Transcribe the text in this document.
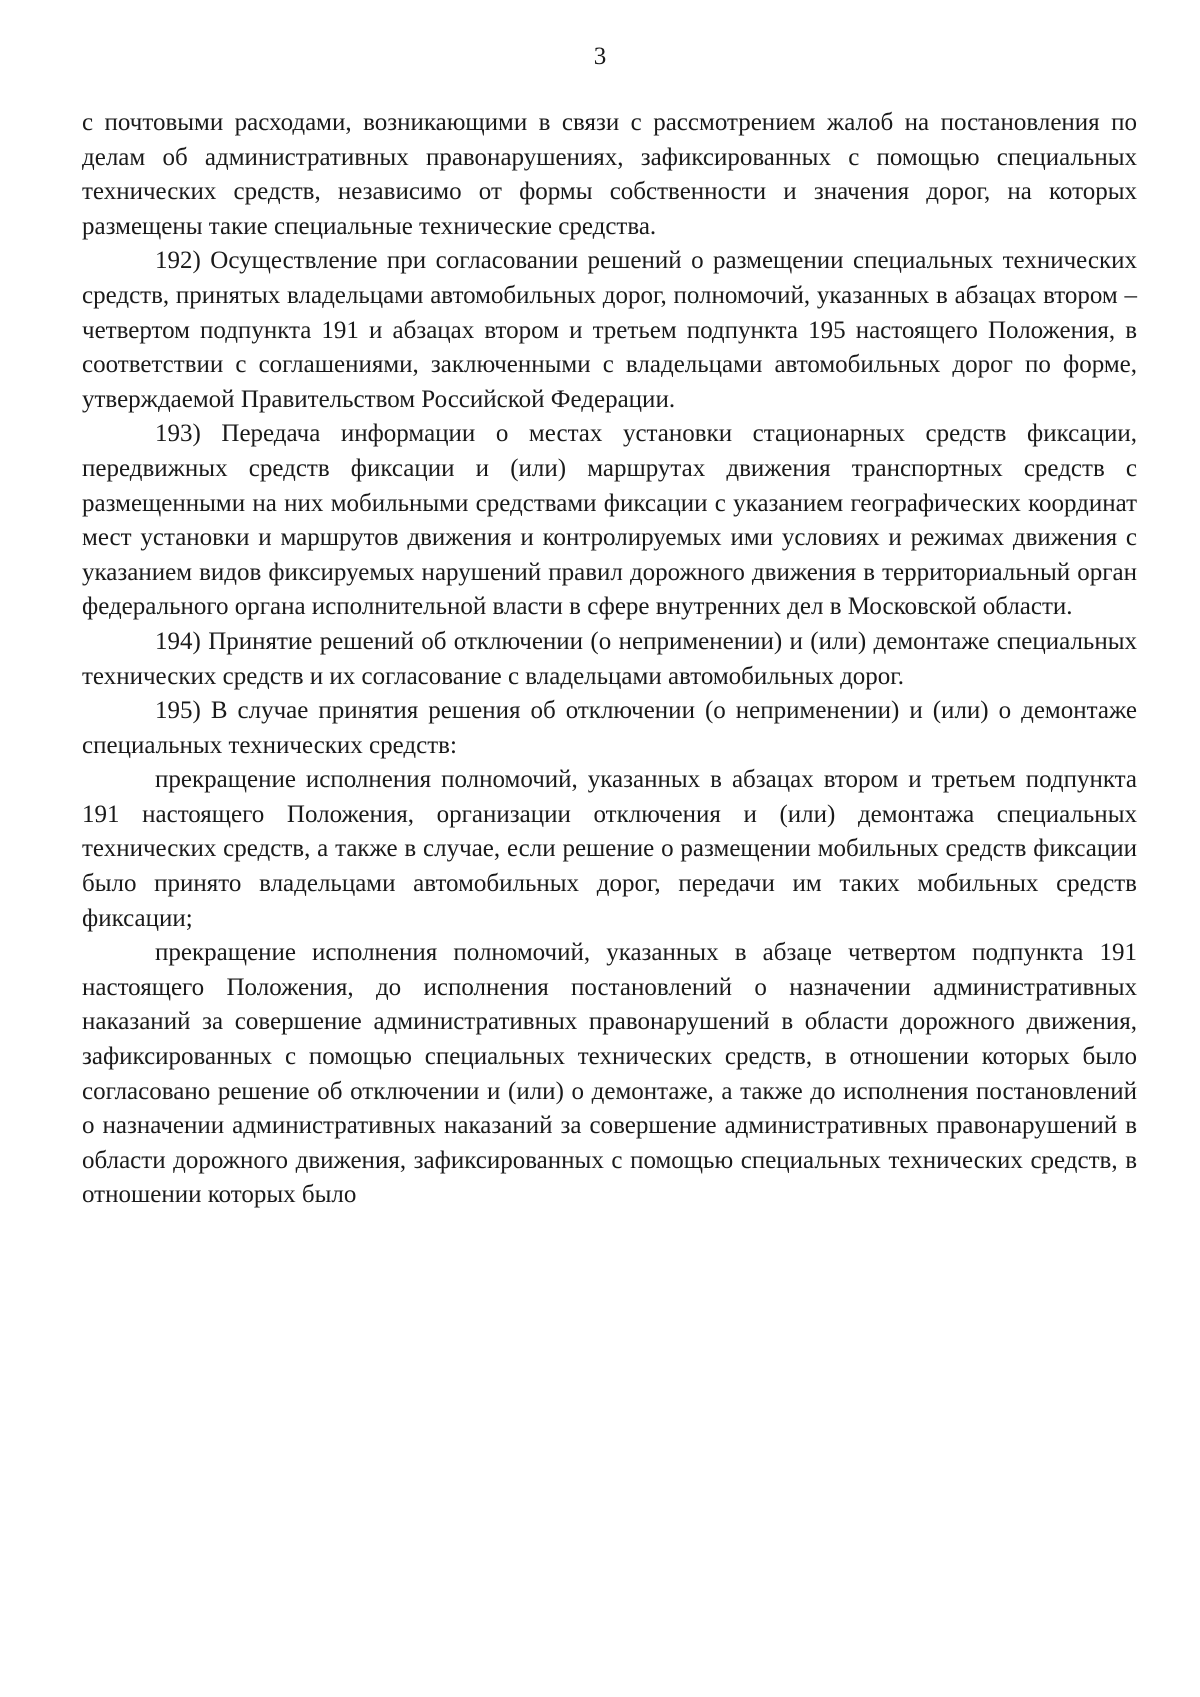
3

с почтовыми расходами, возникающими в связи с рассмотрением жалоб на постановления по делам об административных правонарушениях, зафиксированных с помощью специальных технических средств, независимо от формы собственности и значения дорог, на которых размещены такие специальные технические средства.

192) Осуществление при согласовании решений о размещении специальных технических средств, принятых владельцами автомобильных дорог, полномочий, указанных в абзацах втором – четвертом подпункта 191 и абзацах втором и третьем подпункта 195 настоящего Положения, в соответствии с соглашениями, заключенными с владельцами автомобильных дорог по форме, утверждаемой Правительством Российской Федерации.

193) Передача информации о местах установки стационарных средств фиксации, передвижных средств фиксации и (или) маршрутах движения транспортных средств с размещенными на них мобильными средствами фиксации с указанием географических координат мест установки и маршрутов движения и контролируемых ими условиях и режимах движения с указанием видов фиксируемых нарушений правил дорожного движения в территориальный орган федерального органа исполнительной власти в сфере внутренних дел в Московской области.

194) Принятие решений об отключении (о неприменении) и (или) демонтаже специальных технических средств и их согласование с владельцами автомобильных дорог.

195) В случае принятия решения об отключении (о неприменении) и (или) о демонтаже специальных технических средств:

прекращение исполнения полномочий, указанных в абзацах втором и третьем подпункта 191 настоящего Положения, организации отключения и (или) демонтажа специальных технических средств, а также в случае, если решение о размещении мобильных средств фиксации было принято владельцами автомобильных дорог, передачи им таких мобильных средств фиксации;

прекращение исполнения полномочий, указанных в абзаце четвертом подпункта 191 настоящего Положения, до исполнения постановлений о назначении административных наказаний за совершение административных правонарушений в области дорожного движения, зафиксированных с помощью специальных технических средств, в отношении которых было согласовано решение об отключении и (или) о демонтаже, а также до исполнения постановлений о назначении административных наказаний за совершение административных правонарушений в области дорожного движения, зафиксированных с помощью специальных технических средств, в отношении которых было
